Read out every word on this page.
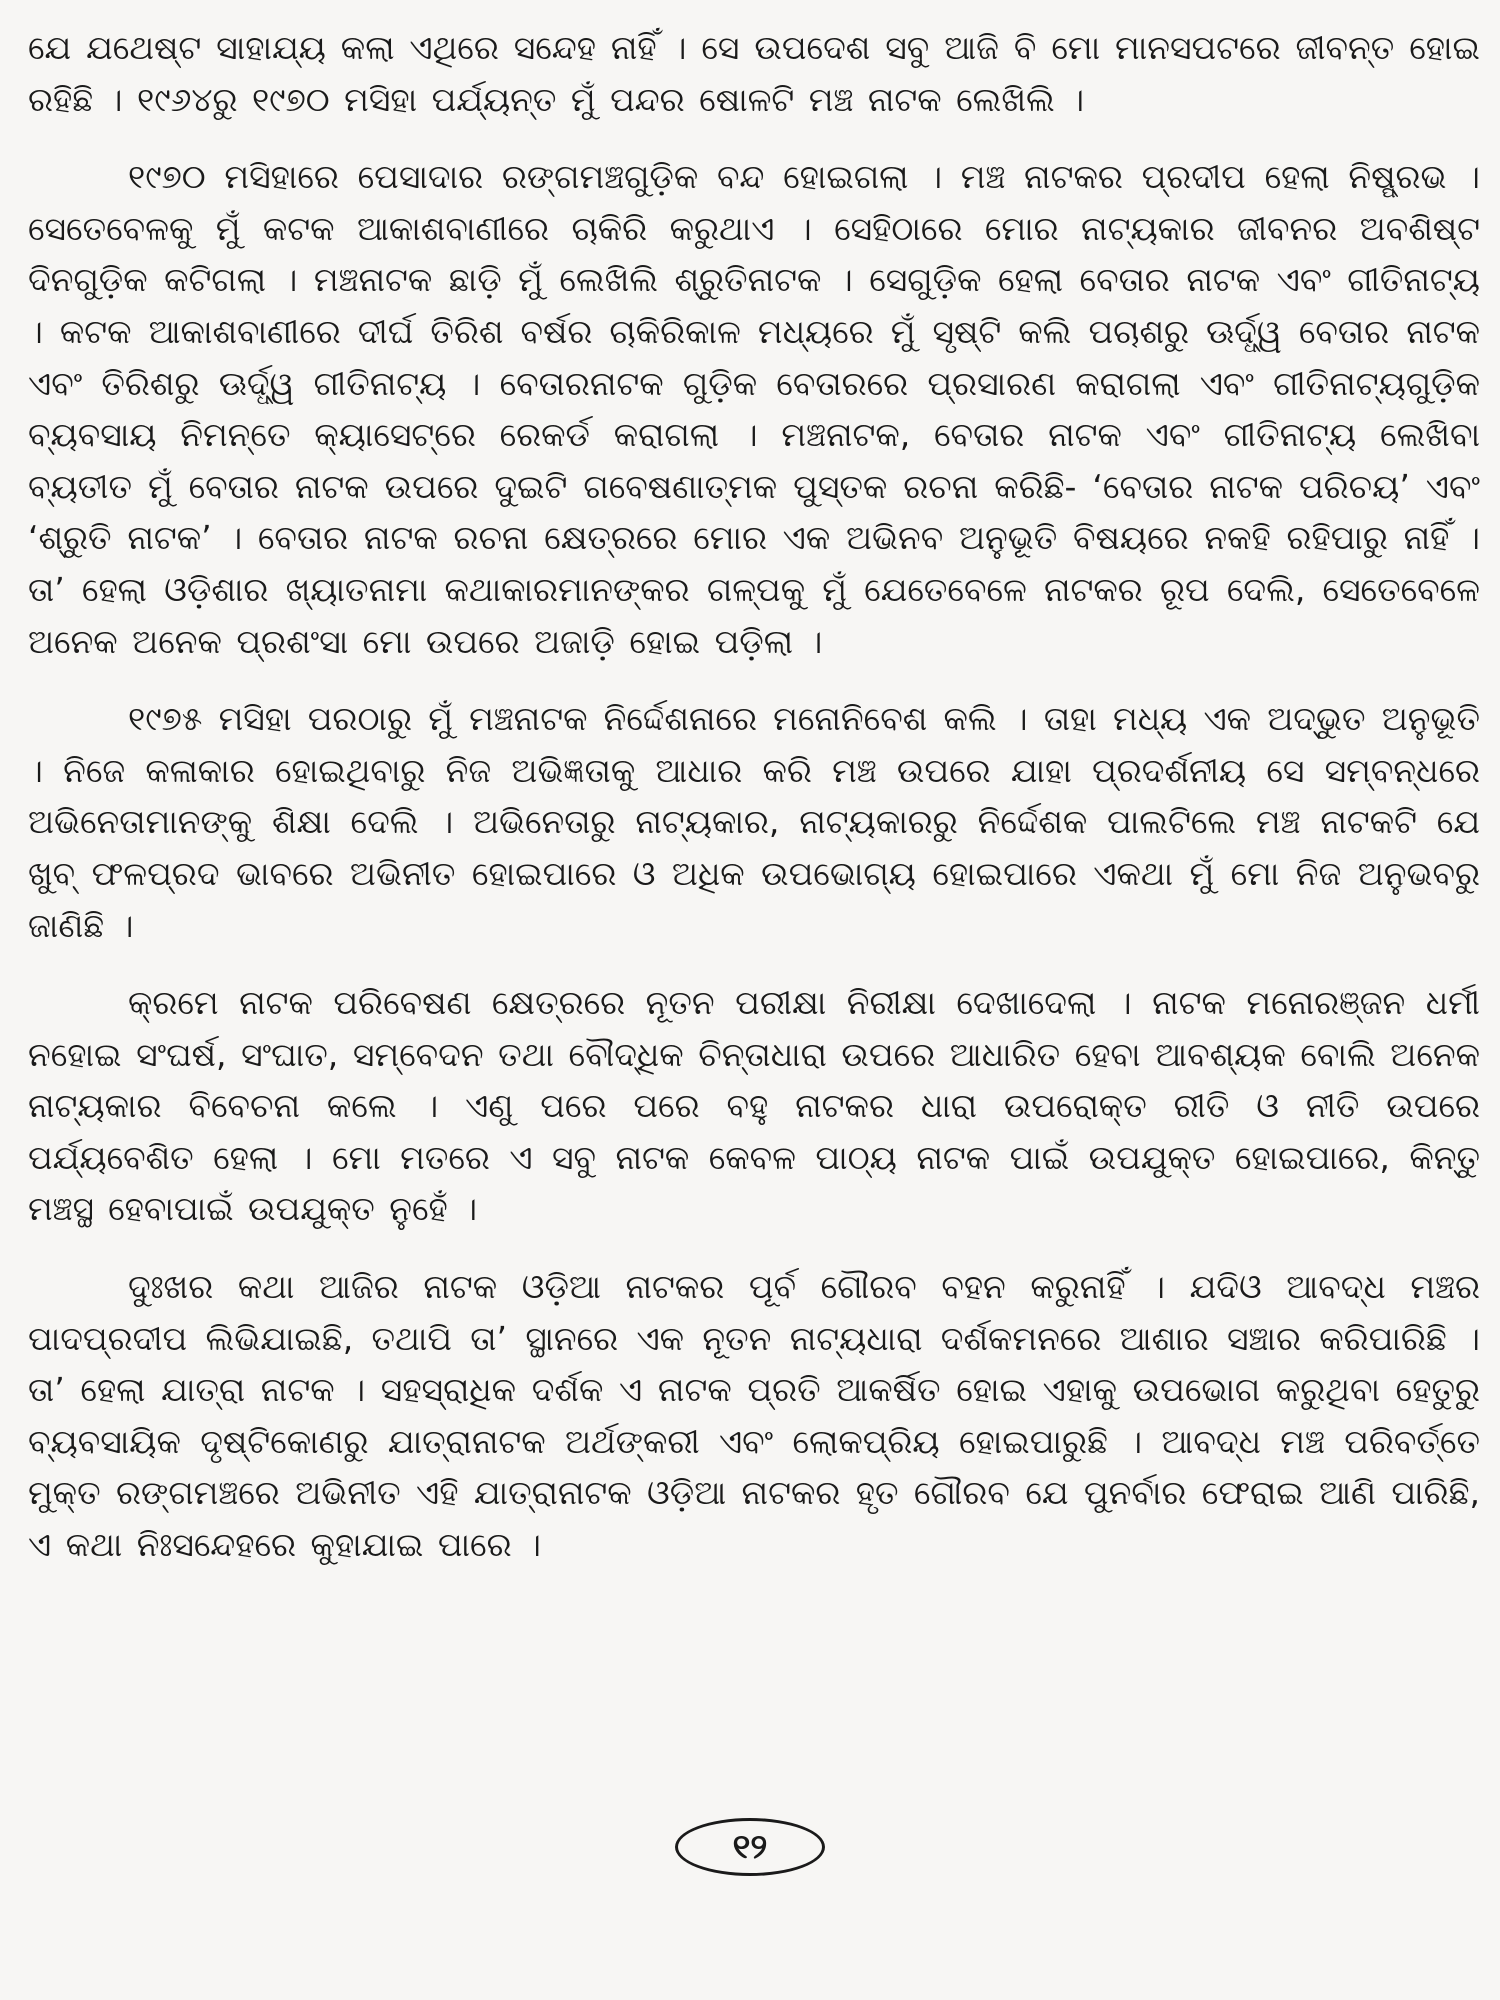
ଯେ ଯଥେଷ୍ଟ ସାହାଯ୍ୟ କଲା ଏଥିରେ ସନ୍ଦେହ ନାହିଁ । ସେ ଉପଦେଶ ସବୁ ଆଜି ବି ମୋ ମାନସପଟରେ ଜୀବନ୍ତ ହୋଇ ରହିଛି । ୧୯୬୪ରୁ ୧୯୭୦ ମସିହା ପର୍ଯ୍ୟନ୍ତ ମୁଁ ପନ୍ଦର ଷୋଳଟି ମଞ୍ଚ ନାଟକ ଲେଖିଲି ।

୧୯୭୦ ମସିହାରେ ପେସାଦାର ରଙ୍ଗମଞ୍ଚଗୁଡ଼ିକ ବନ୍ଦ ହୋଇଗଲା । ମଞ୍ଚ ନାଟକର ପ୍ରଦୀପ ହେଲା ନିଷ୍ପ୍ରଭ । ସେତେବେଳକୁ ମୁଁ କଟକ ଆକାଶବାଣୀରେ ଚାକିରି କରୁଥାଏ । ସେହିଠାରେ ମୋର ନାଟ୍ୟକାର ଜୀବନର ଅବଶିଷ୍ଟ ଦିନଗୁଡ଼ିକ କଟିଗଲା । ମଞ୍ଚନାଟକ ଛାଡ଼ି ମୁଁ ଲେଖିଲି ଶ୍ରୁତିନାଟକ । ସେଗୁଡ଼ିକ ହେଲା ବେତାର ନାଟକ ଏବଂ ଗୀତିନାଟ୍ୟ । କଟକ ଆକାଶବାଣୀରେ ଦୀର୍ଘ ତିରିଶ ବର୍ଷର ଚାକିରିକାଳ ମଧ୍ୟରେ ମୁଁ ସୃଷ୍ଟି କଲି ପଚାଶରୁ ଊର୍ଦ୍ଧ୍ୱ ବେତାର ନାଟକ ଏବଂ ତିରିଶରୁ ଊର୍ଦ୍ଧ୍ୱ ଗୀତିନାଟ୍ୟ । ବେତାରନାଟକ ଗୁଡ଼ିକ ବେତାରରେ ପ୍ରସାରଣ କରାଗଲା ଏବଂ ଗୀତିନାଟ୍ୟଗୁଡ଼ିକ ବ୍ୟବସାୟ ନିମନ୍ତେ କ୍ୟାସେଟ୍‌ରେ ରେକର୍ଡ କରାଗଲା । ମଞ୍ଚନାଟକ, ବେତାର ନାଟକ ଏବଂ ଗୀତିନାଟ୍ୟ ଲେଖିବା ବ୍ୟତୀତ ମୁଁ ବେତାର ନାଟକ ଉପରେ ଦୁଇଟି ଗବେଷଣାତ୍ମକ ପୁସ୍ତକ ରଚନା କରିଛି- ‘ବେତାର ନାଟକ ପରିଚୟ’ ଏବଂ ‘ଶ୍ରୁତି ନାଟକ’ । ବେତାର ନାଟକ ରଚନା କ୍ଷେତ୍ରରେ ମୋର ଏକ ଅଭିନବ ଅନୁଭୂତି ବିଷୟରେ ନକହି ରହିପାରୁ ନାହିଁ । ତା’ ହେଲା ଓଡ଼ିଶାର ଖ୍ୟାତନାମା କଥାକାରମାନଙ୍କର ଗଳ୍ପକୁ ମୁଁ ଯେତେବେଳେ ନାଟକର ରୂପ ଦେଲି, ସେତେବେଳେ ଅନେକ ଅନେକ ପ୍ରଶଂସା ମୋ ଉପରେ ଅଜାଡ଼ି ହୋଇ ପଡ଼ିଲା ।

୧୯୭୫ ମସିହା ପରଠାରୁ ମୁଁ ମଞ୍ଚନାଟକ ନିର୍ଦ୍ଦେଶନାରେ ମନୋନିବେଶ କଲି । ତାହା ମଧ୍ୟ ଏକ ଅଦ୍ଭୁତ ଅନୁଭୂତି । ନିଜେ କଳାକାର ହୋଇଥିବାରୁ ନିଜ ଅଭିଜ୍ଞତାକୁ ଆଧାର କରି ମଞ୍ଚ ଉପରେ ଯାହା ପ୍ରଦର୍ଶନୀୟ ସେ ସମ୍ବନ୍ଧରେ ଅଭିନେତାମାନଙ୍କୁ ଶିକ୍ଷା ଦେଲି । ଅଭିନେତାରୁ ନାଟ୍ୟକାର, ନାଟ୍ୟକାରରୁ ନିର୍ଦ୍ଦେଶକ ପାଲଟିଲେ ମଞ୍ଚ ନାଟକଟି ଯେ ଖୁବ୍ ଫଳପ୍ରଦ ଭାବରେ ଅଭିନୀତ ହୋଇପାରେ ଓ ଅଧିକ ଉପଭୋଗ୍ୟ ହୋଇପାରେ ଏକଥା ମୁଁ ମୋ ନିଜ ଅନୁଭବରୁ ଜାଣିଛି ।

କ୍ରମେ ନାଟକ ପରିବେଷଣ କ୍ଷେତ୍ରରେ ନୂତନ ପରୀକ୍ଷା ନିରୀକ୍ଷା ଦେଖାଦେଲା । ନାଟକ ମନୋରଞ୍ଜନ ଧର୍ମୀ ନହୋଇ ସଂଘର୍ଷ, ସଂଘାତ, ସମ୍ବେଦନ ତଥା ବୌଦ୍ଧିକ ଚିନ୍ତାଧାରା ଉପରେ ଆଧାରିତ ହେବା ଆବଶ୍ୟକ ବୋଲି ଅନେକ ନାଟ୍ୟକାର ବିବେଚନା କଲେ । ଏଣୁ ପରେ ପରେ ବହୁ ନାଟକର ଧାରା ଉପରୋକ୍ତ ରୀତି ଓ ନୀତି ଉପରେ ପର୍ଯ୍ୟବେଶିତ ହେଲା । ମୋ ମତରେ ଏ ସବୁ ନାଟକ କେବଳ ପାଠ୍ୟ ନାଟକ ପାଇଁ ଉପଯୁକ୍ତ ହୋଇପାରେ, କିନ୍ତୁ ମଞ୍ଚସ୍ଥ ହେବାପାଇଁ ଉପଯୁକ୍ତ ନୁହେଁ ।

ଦୁଃଖର କଥା ଆଜିର ନାଟକ ଓଡ଼ିଆ ନାଟକର ପୂର୍ବ ଗୌରବ ବହନ କରୁନାହିଁ । ଯଦିଓ ଆବଦ୍ଧ ମଞ୍ଚର ପାଦପ୍ରଦୀପ ଲିଭିଯାଇଛି, ତଥାପି ତା’ ସ୍ଥାନରେ ଏକ ନୂତନ ନାଟ୍ୟଧାରା ଦର୍ଶକମନରେ ଆଶାର ସଞ୍ଚାର କରିପାରିଛି । ତା’ ହେଲା ଯାତ୍ରା ନାଟକ । ସହସ୍ରାଧିକ ଦର୍ଶକ ଏ ନାଟକ ପ୍ରତି ଆକର୍ଷିତ ହୋଇ ଏହାକୁ ଉପଭୋଗ କରୁଥିବା ହେତୁରୁ ବ୍ୟବସାୟିକ ଦୃଷ୍ଟିକୋଣରୁ ଯାତ୍ରାନାଟକ ଅର୍ଥଙ୍କରୀ ଏବଂ ଲୋକପ୍ରିୟ ହୋଇପାରୁଛି । ଆବଦ୍ଧ ମଞ୍ଚ ପରିବର୍ତ୍ତେ ମୁକ୍ତ ରଙ୍ଗମଞ୍ଚରେ ଅଭିନୀତ ଏହି ଯାତ୍ରାନାଟକ ଓଡ଼ିଆ ନାଟକର ହୃତ ଗୌରବ ଯେ ପୁନର୍ବାର ଫେରାଇ ଆଣି ପାରିଛି, ଏ କଥା ନିଃସନ୍ଦେହରେ କୁହାଯାଇ ପାରେ ।

୧୨
